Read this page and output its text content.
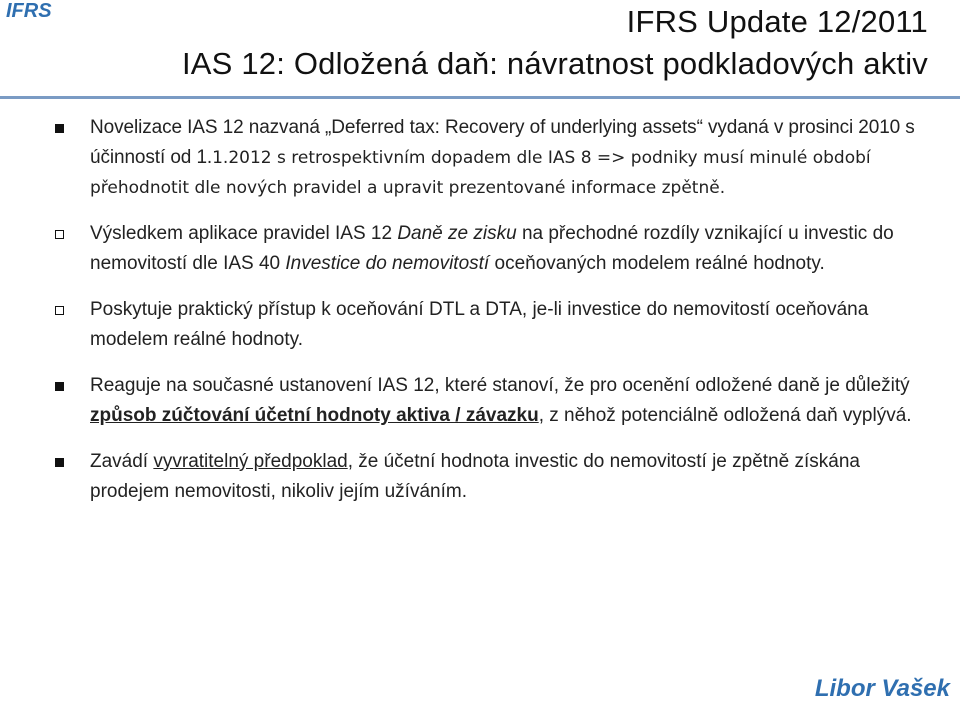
IFRS	IFRS Update 12/2011
IAS 12: Odložená daň: návratnost podkladových aktiv

Novelizace IAS 12 nazvaná „Deferred tax: Recovery of underlying assets“ vydaná v prosinci 2010 s účinností od 1.1.2012 s retrospektivním dopadem dle IAS 8 => podniky musí minulé období přehodnotit dle nových pravidel a upravit prezentované informace zpětně.

Výsledkem aplikace pravidel IAS 12 Daně ze zisku na přechodné rozdíly vznikající u investic do nemovitostí dle IAS 40 Investice do nemovitostí oceňovaných modelem reálné hodnoty.

Poskytuje praktický přístup k oceňování DTL a DTA, je-li investice do nemovitostí oceňována modelem reálné hodnoty.

Reaguje na současné ustanovení IAS 12, které stanoví, že pro ocenění odložené daně je důležitý způsob zúčtování účetní hodnoty aktiva / závazku, z něhož potenciálně odložená daň vyplývá.

Zavádí vyvratitelný předpoklad, že účetní hodnota investic do nemovitostí je zpětně získána prodejem nemovitosti, nikoliv jejím užíváním.

Libor Vašek
